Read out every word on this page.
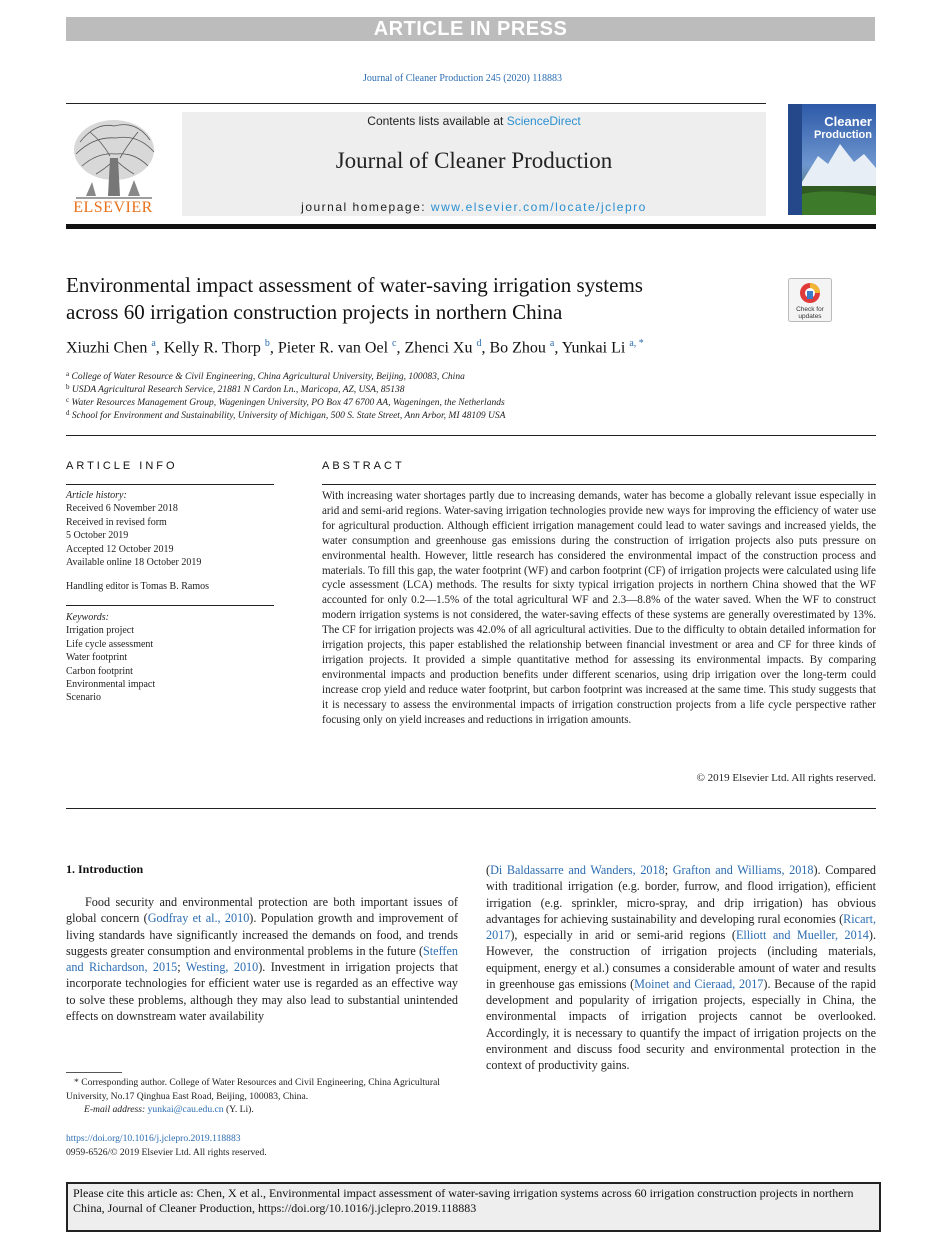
ARTICLE IN PRESS
Journal of Cleaner Production 245 (2020) 118883
ELSEVIER
Contents lists available at ScienceDirect
Journal of Cleaner Production
journal homepage: www.elsevier.com/locate/jclepro
Cleaner
Production
Environmental impact assessment of water-saving irrigation systems
across 60 irrigation construction projects in northern China	Check for
updates
Xiuzhi Chen $^a$, Kelly R. Thorp $^b$, Pieter R. van Oel $^c$, Zhenci Xu $^d$, Bo Zhou $^a$, Yunkai Li $^{a, *}$
$^a$ College of Water Resource & Civil Engineering, China Agricultural University, Beijing, 100083, China
$^b$ USDA Agricultural Research Service, 21881 N Cardon Ln., Maricopa, AZ, USA, 85138
$^c$ Water Resources Management Group, Wageningen University, PO Box 47 6700 AA, Wageningen, the Netherlands
$^d$ School for Environment and Sustainability, University of Michigan, 500 S. State Street, Ann Arbor, MI 48109 USA
ARTICLE INFO
Article history:
Received 6 November 2018
Received in revised form
5 October 2019
Accepted 12 October 2019
Available online 18 October 2019
Handling editor is Tomas B. Ramos
Keywords:
Irrigation project
Life cycle assessment
Water footprint
Carbon footprint
Environmental impact
Scenario
ABSTRACT
With increasing water shortages partly due to increasing demands, water has become a globally relevant issue especially in arid and semi-arid regions. Water-saving irrigation technologies provide new ways for improving the efficiency of water use for agricultural production. Although efficient irrigation management could lead to water savings and increased yields, the water consumption and greenhouse gas emissions during the construction of irrigation projects also puts pressure on environmental health. However, little research has considered the environmental impact of the construction process and materials. To fill this gap, the water footprint (WF) and carbon footprint (CF) of irrigation projects were calculated using life cycle assessment (LCA) methods. The results for sixty typical irrigation projects in northern China showed that the WF accounted for only 0.2—1.5% of the total agricultural WF and 2.3—8.8% of the water saved. When the WF to construct modern irrigation systems is not considered, the water-saving effects of these systems are generally overestimated by 13%. The CF for irrigation projects was 42.0% of all agricultural activities. Due to the difficulty to obtain detailed information for irrigation projects, this paper established the relationship between financial investment or area and CF for three kinds of irrigation projects. It provided a simple quantitative method for assessing its environmental impacts. By comparing environmental impacts and production benefits under different scenarios, using drip irrigation over the long-term could increase crop yield and reduce water footprint, but carbon footprint was increased at the same time. This study suggests that it is necessary to assess the environmental impacts of irrigation construction projects from a life cycle perspective rather focusing only on yield increases and reductions in irrigation amounts.
© 2019 Elsevier Ltd. All rights reserved.
1. Introduction
Food security and environmental protection are both important issues of global concern (Godfray et al., 2010). Population growth and improvement of living standards have significantly increased the demands on food, and trends suggests greater consumption and environmental problems in the future (Steffen and Richardson, 2015; Westing, 2010). Investment in irrigation projects that incorporate technologies for efficient water use is regarded as an effective way to solve these problems, although they may also lead to substantial unintended effects on downstream water availability
(Di Baldassarre and Wanders, 2018; Grafton and Williams, 2018). Compared with traditional irrigation (e.g. border, furrow, and flood irrigation), efficient irrigation (e.g. sprinkler, micro-spray, and drip irrigation) has obvious advantages for achieving sustainability and developing rural economies (Ricart, 2017), especially in arid or semi-arid regions (Elliott and Mueller, 2014). However, the construction of irrigation projects (including materials, equipment, energy et al.) consumes a considerable amount of water and results in greenhouse gas emissions (Moinet and Cieraad, 2017). Because of the rapid development and popularity of irrigation projects, especially in China, the environmental impacts of irrigation projects cannot be overlooked. Accordingly, it is necessary to quantify the impact of irrigation projects on the environment and discuss food security and environmental protection in the context of productivity gains.
* Corresponding author. College of Water Resources and Civil Engineering, China Agricultural University, No.17 Qinghua East Road, Beijing, 100083, China.
E-mail address: yunkai@cau.edu.cn (Y. Li).
https://doi.org/10.1016/j.jclepro.2019.118883
0959-6526/© 2019 Elsevier Ltd. All rights reserved.
Please cite this article as: Chen, X et al., Environmental impact assessment of water-saving irrigation systems across 60 irrigation construction projects in northern China, Journal of Cleaner Production, https://doi.org/10.1016/j.jclepro.2019.118883
